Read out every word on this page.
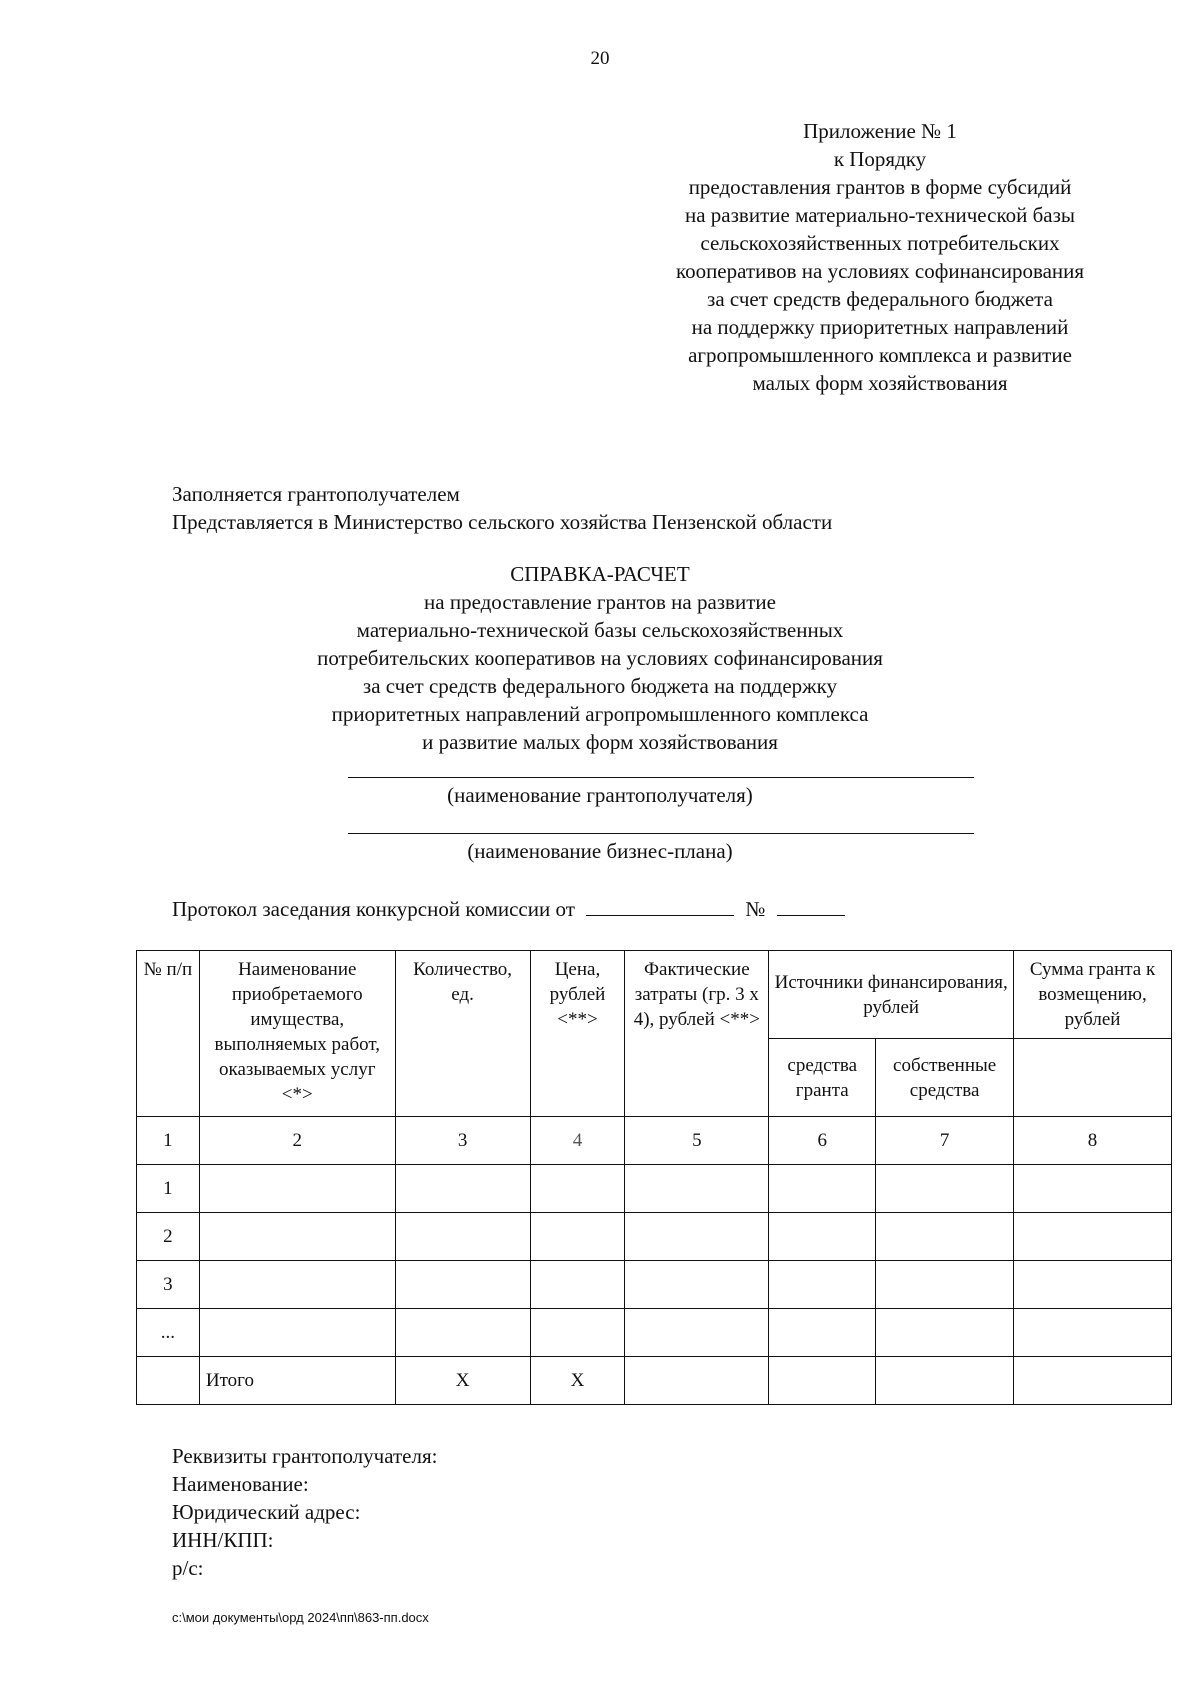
20
Приложение № 1
к Порядку
предоставления грантов в форме субсидий
на развитие материально-технической базы
сельскохозяйственных потребительских
кооперативов на условиях софинансирования
за счет средств федерального бюджета
на поддержку приоритетных направлений
агропромышленного комплекса и развитие
малых форм хозяйствования
Заполняется грантополучателем
Представляется в Министерство сельского хозяйства Пензенской области
СПРАВКА-РАСЧЕТ
на предоставление грантов на развитие
материально-технической базы сельскохозяйственных
потребительских кооперативов на условиях софинансирования
за счет средств федерального бюджета на поддержку
приоритетных направлений агропромышленного комплекса
и развитие малых форм хозяйствования
(наименование грантополучателя)
(наименование бизнес-плана)
Протокол заседания конкурсной комиссии от	№
№ п/п	Наименование приобретаемого имущества, выполняемых работ, оказываемых услуг <*>	Количество, ед.	Цена, рублей <**>	Фактические затраты (гр. 3 х 4), рублей <**>	Источники финансирования, рублей		Сумма гранта к возмещению, рублей
					средства гранта	собственные средства	
1	2	3	4	5	6	7	8
1							
2							
3							
...							
	Итого	Х	Х				
Реквизиты грантополучателя:
Наименование:
Юридический адрес:
ИНН/КПП:
р/с:
c:\мои документы\орд 2024\пп\863-пп.docx
